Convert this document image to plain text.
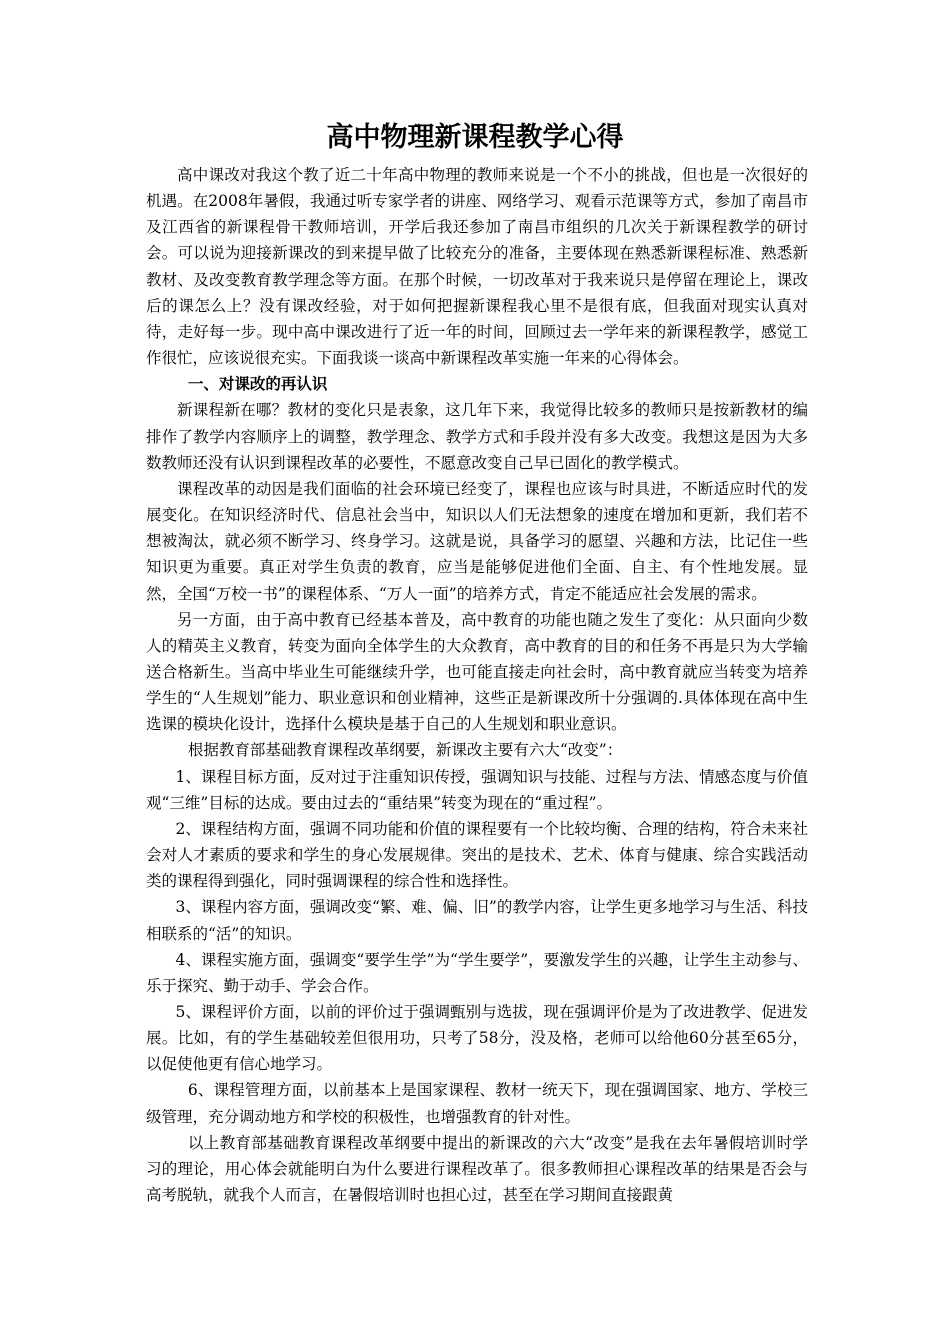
高中物理新课程教学心得

高中课改对我这个教了近二十年高中物理的教师来说是一个不小的挑战，但也是一次很好的机遇。在2008年暑假，我通过听专家学者的讲座、网络学习、观看示范课等方式，参加了南昌市及江西省的新课程骨干教师培训，开学后我还参加了南昌市组织的几次关于新课程教学的研讨会。可以说为迎接新课改的到来提早做了比较充分的准备，主要体现在熟悉新课程标准、熟悉新教材、及改变教育教学理念等方面。在那个时候，一切改革对于我来说只是停留在理论上，课改后的课怎么上？没有课改经验，对于如何把握新课程我心里不是很有底，但我面对现实认真对待，走好每一步。现中高中课改进行了近一年的时间，回顾过去一学年来的新课程教学，感觉工作很忙，应该说很充实。下面我谈一谈高中新课程改革实施一年来的心得体会。

一、对课改的再认识

新课程新在哪？教材的变化只是表象，这几年下来，我觉得比较多的教师只是按新教材的编排作了教学内容顺序上的调整，教学理念、教学方式和手段并没有多大改变。我想这是因为大多数教师还没有认识到课程改革的必要性，不愿意改变自己早已固化的教学模式。

课程改革的动因是我们面临的社会环境已经变了，课程也应该与时具进，不断适应时代的发展变化。在知识经济时代、信息社会当中，知识以人们无法想象的速度在增加和更新，我们若不想被淘汰，就必须不断学习、终身学习。这就是说，具备学习的愿望、兴趣和方法，比记住一些知识更为重要。真正对学生负责的教育，应当是能够促进他们全面、自主、有个性地发展。显然，全国“万校一书”的课程体系、“万人一面”的培养方式，肯定不能适应社会发展的需求。

另一方面，由于高中教育已经基本普及，高中教育的功能也随之发生了变化：从只面向少数人的精英主义教育，转变为面向全体学生的大众教育，高中教育的目的和任务不再是只为大学输送合格新生。当高中毕业生可能继续升学，也可能直接走向社会时，高中教育就应当转变为培养学生的“人生规划”能力、职业意识和创业精神，这些正是新课改所十分强调的.具体体现在高中生选课的模块化设计，选择什么模块是基于自己的人生规划和职业意识。

根据教育部基础教育课程改革纲要，新课改主要有六大“改变”：

1、课程目标方面，反对过于注重知识传授，强调知识与技能、过程与方法、情感态度与价值观“三维”目标的达成。要由过去的“重结果”转变为现在的“重过程”。

2、课程结构方面，强调不同功能和价值的课程要有一个比较均衡、合理的结构，符合未来社会对人才素质的要求和学生的身心发展规律。突出的是技术、艺术、体育与健康、综合实践活动类的课程得到强化，同时强调课程的综合性和选择性。

3、课程内容方面，强调改变“繁、难、偏、旧”的教学内容，让学生更多地学习与生活、科技相联系的“活”的知识。

4、课程实施方面，强调变“要学生学”为“学生要学”，要激发学生的兴趣，让学生主动参与、乐于探究、勤于动手、学会合作。

5、课程评价方面，以前的评价过于强调甄别与选拔，现在强调评价是为了改进教学、促进发展。比如，有的学生基础较差但很用功，只考了58分，没及格，老师可以给他60分甚至65分，以促使他更有信心地学习。

6、课程管理方面，以前基本上是国家课程、教材一统天下，现在强调国家、地方、学校三级管理，充分调动地方和学校的积极性，也增强教育的针对性。

以上教育部基础教育课程改革纲要中提出的新课改的六大“改变”是我在去年暑假培训时学习的理论，用心体会就能明白为什么要进行课程改革了。很多教师担心课程改革的结果是否会与高考脱轨，就我个人而言，在暑假培训时也担心过，甚至在学习期间直接跟黄
